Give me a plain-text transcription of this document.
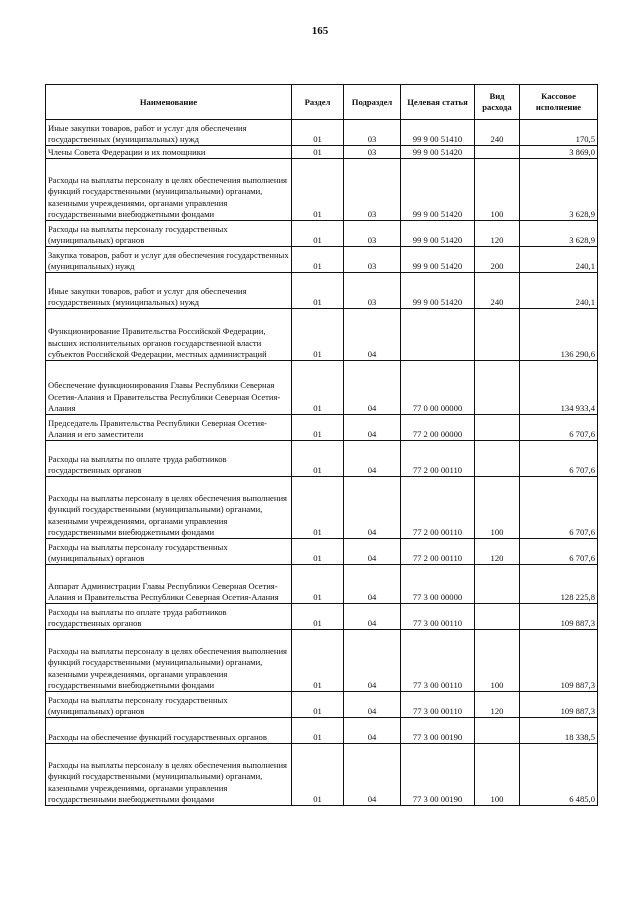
165
Наименование	Раздел	Подраздел	Целевая статья	Вид расхода	Кассовое исполнение
Иные закупки товаров, работ и услуг для обеспечения государственных (муниципальных) нужд	01	03	99 9 00 51410	240	170,5
Члены Совета Федерации и их помощники	01	03	99 9 00 51420		3 869,0
Расходы на выплаты персоналу в целях обеспечения выполнения функций государственными (муниципальными) органами, казенными учреждениями, органами управления государственными внебюджетными фондами	01	03	99 9 00 51420	100	3 628,9
Расходы на выплаты персоналу государственных (муниципальных) органов	01	03	99 9 00 51420	120	3 628,9
Закупка товаров, работ и услуг для обеспечения государственных (муниципальных) нужд	01	03	99 9 00 51420	200	240,1
Иные закупки товаров, работ и услуг для обеспечения государственных (муниципальных) нужд	01	03	99 9 00 51420	240	240,1
Функционирование Правительства Российской Федерации, высших исполнительных органов государственной власти субъектов Российской Федерации, местных администраций	01	04			136 290,6
Обеспечение функционирования Главы Республики Северная Осетия-Алания и Правительства Республики Северная Осетия-Алания	01	04	77 0 00 00000		134 933,4
Председатель Правительства Республики Северная Осетия-Алания и его заместители	01	04	77 2 00 00000		6 707,6
Расходы на выплаты по оплате труда работников государственных органов	01	04	77 2 00 00110		6 707,6
Расходы на выплаты персоналу в целях обеспечения выполнения функций государственными (муниципальными) органами, казенными учреждениями, органами управления государственными внебюджетными фондами	01	04	77 2 00 00110	100	6 707,6
Расходы на выплаты персоналу государственных (муниципальных) органов	01	04	77 2 00 00110	120	6 707,6
Аппарат Администрации Главы Республики Северная Осетия-Алания и Правительства Республики Северная Осетия-Алания	01	04	77 3 00 00000		128 225,8
Расходы на выплаты по оплате труда работников государственных органов	01	04	77 3 00 00110		109 887,3
Расходы на выплаты персоналу в целях обеспечения выполнения функций государственными (муниципальными) органами, казенными учреждениями, органами управления государственными внебюджетными фондами	01	04	77 3 00 00110	100	109 887,3
Расходы на выплаты персоналу государственных (муниципальных) органов	01	04	77 3 00 00110	120	109 887,3
Расходы на обеспечение функций государственных органов	01	04	77 3 00 00190		18 338,5
Расходы на выплаты персоналу в целях обеспечения выполнения функций государственными (муниципальными) органами, казенными учреждениями, органами управления государственными внебюджетными фондами	01	04	77 3 00 00190	100	6 485,0
